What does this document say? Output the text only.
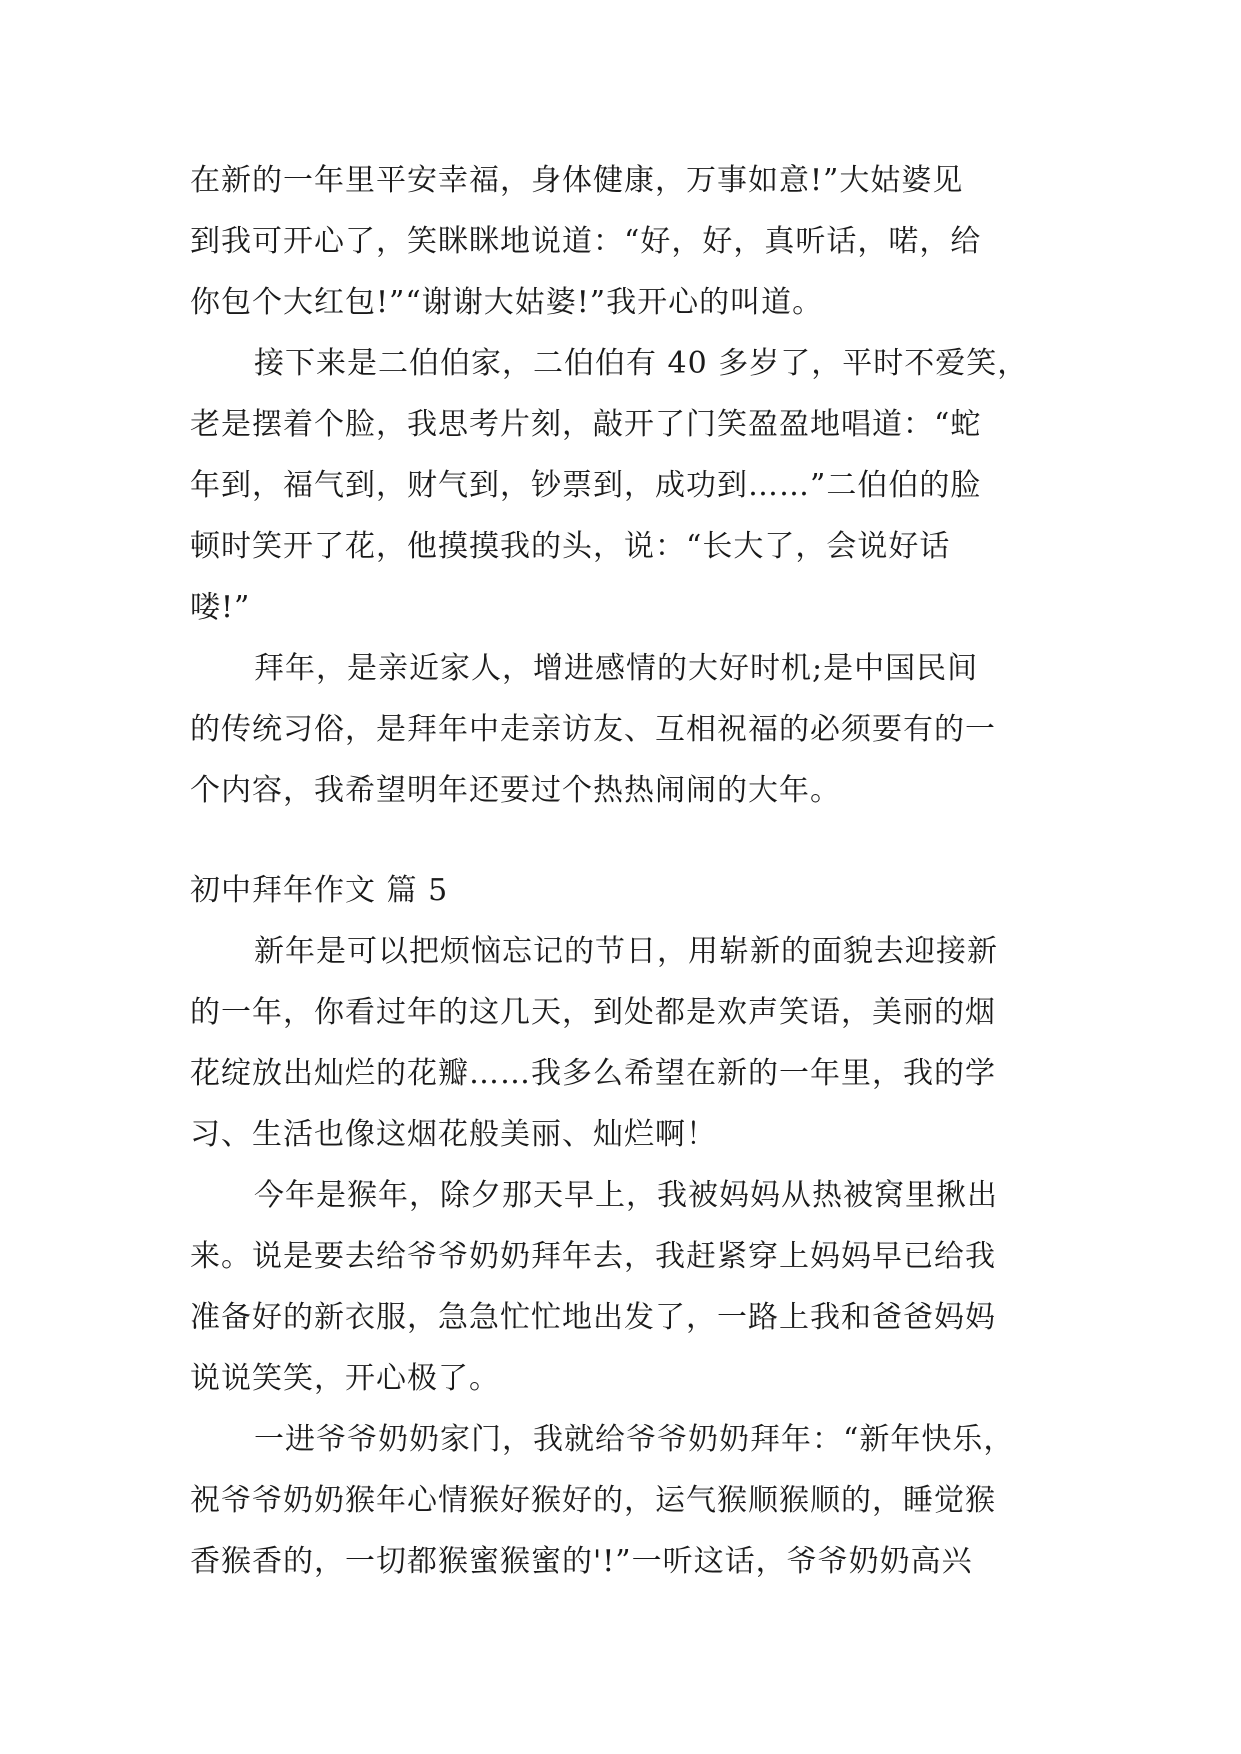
在新的一年里平安幸福，身体健康，万事如意!”大姑婆见
到我可开心了，笑眯眯地说道：“好，好，真听话，喏，给
你包个大红包!”“谢谢大姑婆!”我开心的叫道。
接下来是二伯伯家，二伯伯有 40 多岁了，平时不爱笑，
老是摆着个脸，我思考片刻，敲开了门笑盈盈地唱道：“蛇
年到，福气到，财气到，钞票到，成功到……”二伯伯的脸
顿时笑开了花，他摸摸我的头，说：“长大了，会说好话
喽!”
拜年，是亲近家人，增进感情的大好时机;是中国民间
的传统习俗，是拜年中走亲访友、互相祝福的必须要有的一
个内容，我希望明年还要过个热热闹闹的大年。
初中拜年作文 篇 5
新年是可以把烦恼忘记的节日，用崭新的面貌去迎接新
的一年，你看过年的这几天，到处都是欢声笑语，美丽的烟
花绽放出灿烂的花瓣……我多么希望在新的一年里，我的学
习、生活也像这烟花般美丽、灿烂啊！
今年是猴年，除夕那天早上，我被妈妈从热被窝里揪出
来。说是要去给爷爷奶奶拜年去，我赶紧穿上妈妈早已给我
准备好的新衣服，急急忙忙地出发了，一路上我和爸爸妈妈
说说笑笑，开心极了。
一进爷爷奶奶家门，我就给爷爷奶奶拜年：“新年快乐，
祝爷爷奶奶猴年心情猴好猴好的，运气猴顺猴顺的，睡觉猴
香猴香的，一切都猴蜜猴蜜的'!”一听这话，爷爷奶奶高兴
